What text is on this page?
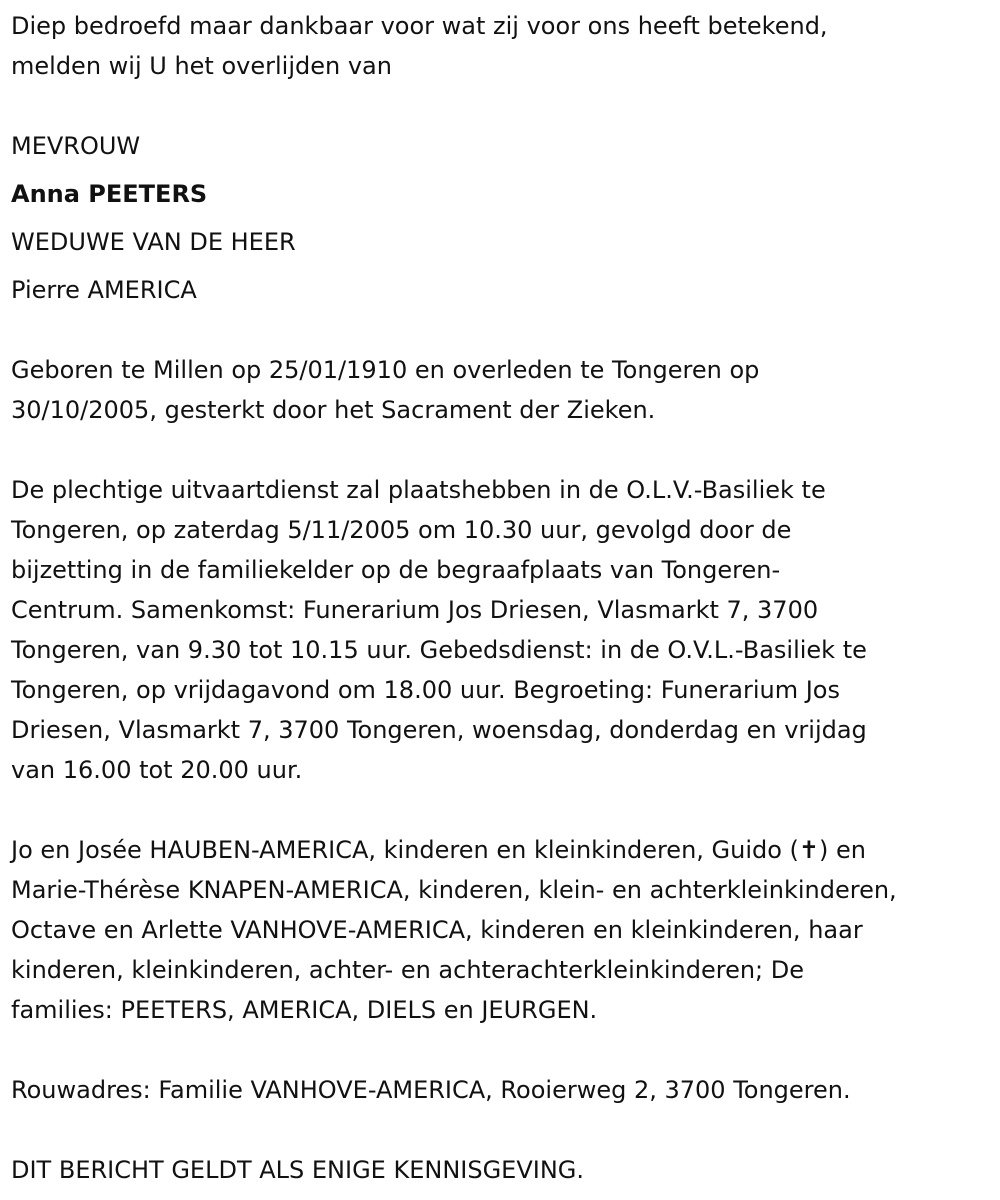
Diep bedroefd maar dankbaar voor wat zij voor ons heeft betekend,
melden wij U het overlijden van
MEVROUW
Anna PEETERS
WEDUWE VAN DE HEER
Pierre AMERICA
Geboren te Millen op 25/01/1910 en overleden te Tongeren op
30/10/2005, gesterkt door het Sacrament der Zieken.
De plechtige uitvaartdienst zal plaatshebben in de O.L.V.-Basiliek te
Tongeren, op zaterdag 5/11/2005 om 10.30 uur, gevolgd door de
bijzetting in de familiekelder op de begraafplaats van Tongeren-
Centrum. Samenkomst: Funerarium Jos Driesen, Vlasmarkt 7, 3700
Tongeren, van 9.30 tot 10.15 uur. Gebedsdienst: in de O.V.L.-Basiliek te
Tongeren, op vrijdagavond om 18.00 uur. Begroeting: Funerarium Jos
Driesen, Vlasmarkt 7, 3700 Tongeren, woensdag, donderdag en vrijdag
van 16.00 tot 20.00 uur.
Jo en Josée HAUBEN-AMERICA, kinderen en kleinkinderen, Guido (✝) en
Marie-Thérèse KNAPEN-AMERICA, kinderen, klein- en achterkleinkinderen,
Octave en Arlette VANHOVE-AMERICA, kinderen en kleinkinderen, haar
kinderen, kleinkinderen, achter- en achterachterkleinkinderen; De
families: PEETERS, AMERICA, DIELS en JEURGEN.
Rouwadres: Familie VANHOVE-AMERICA, Rooierweg 2, 3700 Tongeren.
DIT BERICHT GELDT ALS ENIGE KENNISGEVING.
